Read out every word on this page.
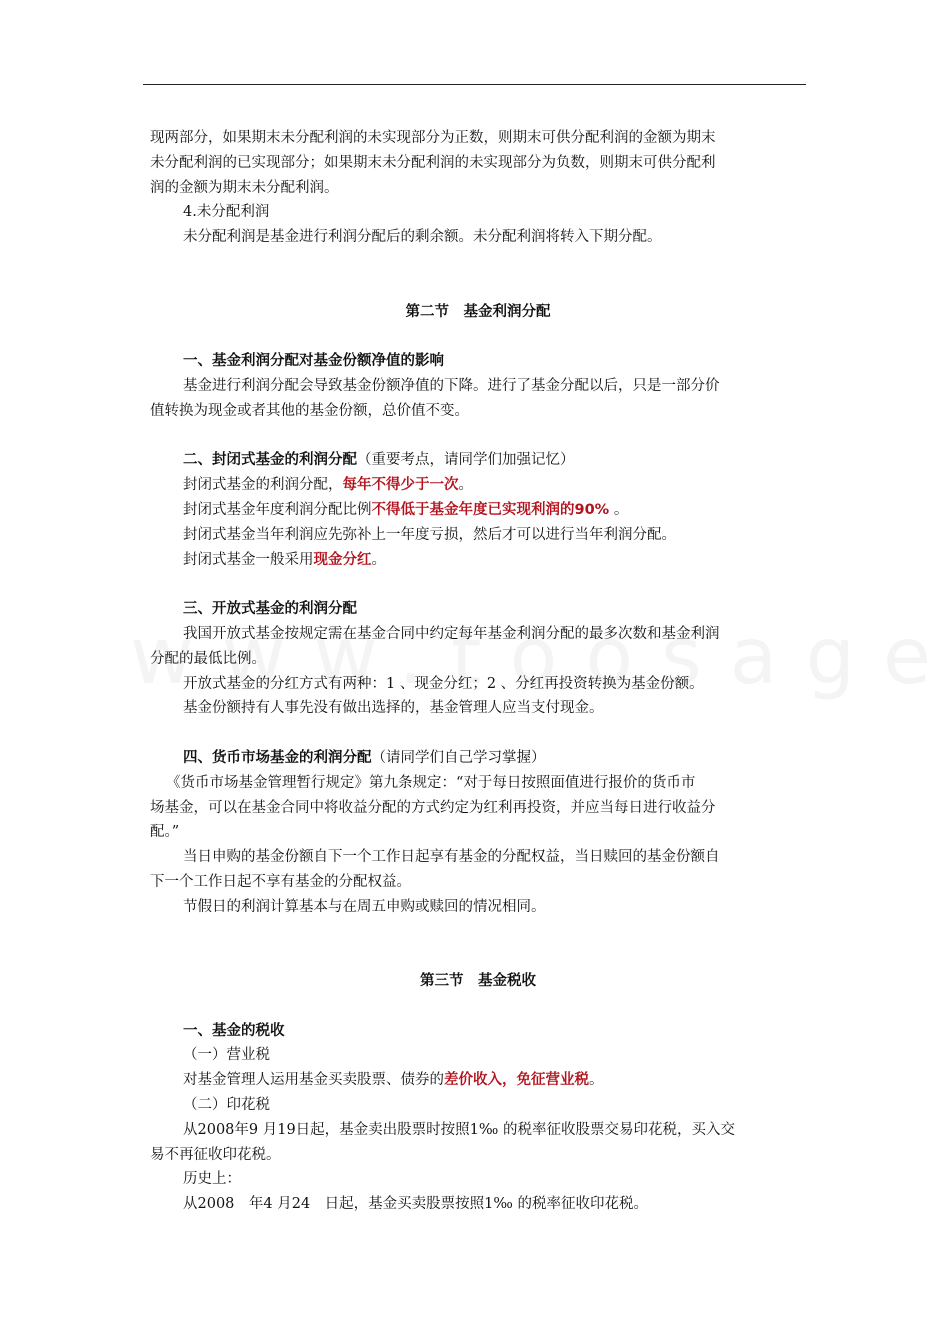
现两部分，如果期末未分配利润的未实现部分为正数，则期末可供分配利润的金额为期末
未分配利润的已实现部分；如果期末未分配利润的未实现部分为负数，则期末可供分配利
润的金额为期末未分配利润。
4.未分配利润
未分配利润是基金进行利润分配后的剩余额。未分配利润将转入下期分配。
第二节　基金利润分配
一、基金利润分配对基金份额净值的影响
基金进行利润分配会导致基金份额净值的下降。进行了基金分配以后，只是一部分价
值转换为现金或者其他的基金份额，总价值不变。
二、封闭式基金的利润分配（重要考点，请同学们加强记忆）
封闭式基金的利润分配，每年不得少于一次。
封闭式基金年度利润分配比例不得低于基金年度已实现利润的90% 。
封闭式基金当年利润应先弥补上一年度亏损，然后才可以进行当年利润分配。
封闭式基金一般采用现金分红。
三、开放式基金的利润分配
我国开放式基金按规定需在基金合同中约定每年基金利润分配的最多次数和基金利润
分配的最低比例。
开放式基金的分红方式有两种：1 、现金分红；2 、分红再投资转换为基金份额。
基金份额持有人事先没有做出选择的，基金管理人应当支付现金。
四、货币市场基金的利润分配（请同学们自己学习掌握）
《货币市场基金管理暂行规定》第九条规定：“对于每日按照面值进行报价的货币市
场基金，可以在基金合同中将收益分配的方式约定为红利再投资，并应当每日进行收益分
配。”
当日申购的基金份额自下一个工作日起享有基金的分配权益，当日赎回的基金份额自
下一个工作日起不享有基金的分配权益。
节假日的利润计算基本与在周五申购或赎回的情况相同。
第三节　基金税收
一、基金的税收
（一）营业税
对基金管理人运用基金买卖股票、债券的差价收入，免征营业税。
（二）印花税
从2008年9 月19日起，基金卖出股票时按照1‰ 的税率征收股票交易印花税，买入交
易不再征收印花税。
历史上：
从2008　年4 月24　日起，基金买卖股票按照1‰ 的税率征收印花税。
